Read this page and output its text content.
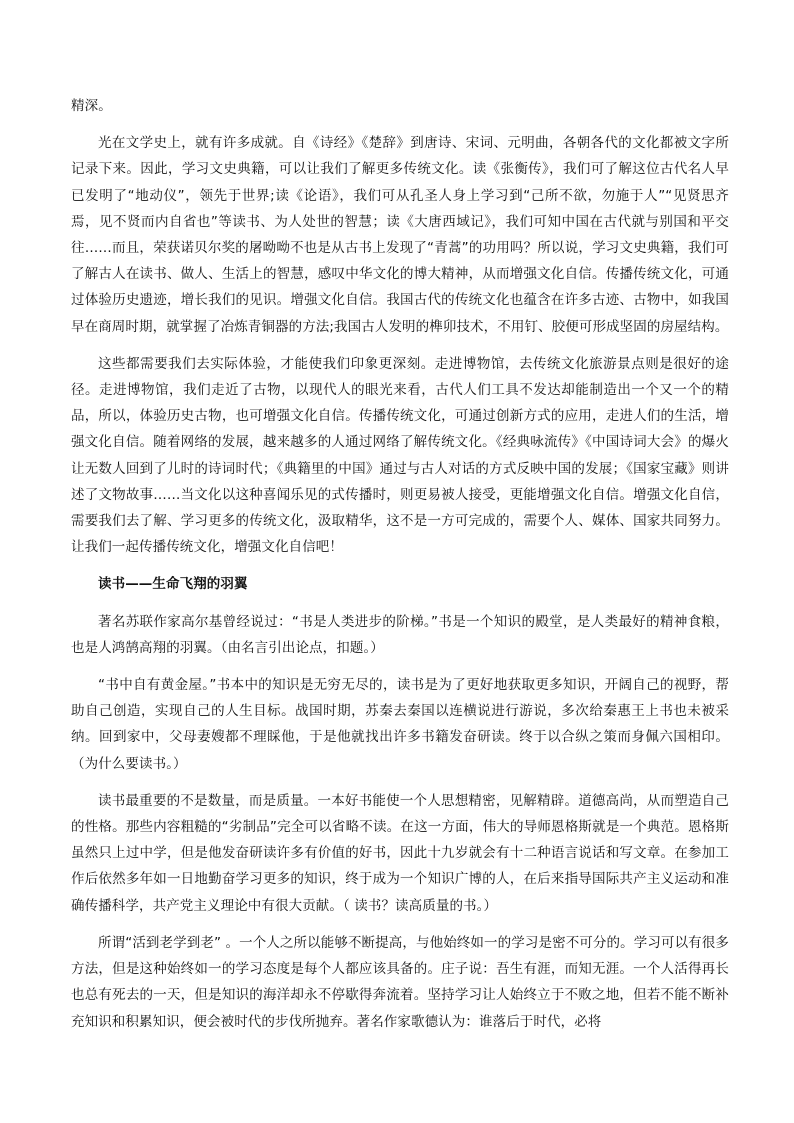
精深。

光在文学史上，就有许多成就。自《诗经》《楚辞》到唐诗、宋词、元明曲，各朝各代的文化都被文字所记录下来。因此，学习文史典籍，可以让我们了解更多传统文化。读《张衡传》，我们可了解这位古代名人早已发明了“地动仪”，领先于世界;读《论语》，我们可从孔圣人身上学习到“己所不欲，勿施于人”“见贤思齐焉，见不贤而内自省也”等读书、为人处世的智慧；读《大唐西域记》，我们可知中国在古代就与别国和平交往……而且，荣获诺贝尔奖的屠呦呦不也是从古书上发现了“青蒿”的功用吗？所以说，学习文史典籍，我们可了解古人在读书、做人、生活上的智慧，感叹中华文化的博大精神，从而增强文化自信。传播传统文化，可通过体验历史遗迹，增长我们的见识。增强文化自信。我国古代的传统文化也蕴含在许多古迹、古物中，如我国早在商周时期，就掌握了冶炼青铜器的方法;我国古人发明的榫卯技术，不用钉、胶便可形成坚固的房屋结构。

这些都需要我们去实际体验，才能使我们印象更深刻。走进博物馆，去传统文化旅游景点则是很好的途径。走进博物馆，我们走近了古物，以现代人的眼光来看，古代人们工具不发达却能制造出一个又一个的精品，所以，体验历史古物，也可增强文化自信。传播传统文化，可通过创新方式的应用，走进人们的生活，增强文化自信。随着网络的发展，越来越多的人通过网络了解传统文化。《经典咏流传》《中国诗词大会》的爆火让无数人回到了儿时的诗词时代；《典籍里的中国》通过与古人对话的方式反映中国的发展；《国家宝藏》则讲述了文物故事……当文化以这种喜闻乐见的式传播时，则更易被人接受，更能增强文化自信。增强文化自信，需要我们去了解、学习更多的传统文化，汲取精华，这不是一方可完成的，需要个人、媒体、国家共同努力。让我们一起传播传统文化，增强文化自信吧！

读书——生命飞翔的羽翼

著名苏联作家高尔基曾经说过：“书是人类进步的阶梯。”书是一个知识的殿堂，是人类最好的精神食粮，也是人鸿鹄高翔的羽翼。（由名言引出论点，扣题。）

“书中自有黄金屋。”书本中的知识是无穷无尽的，读书是为了更好地获取更多知识，开阔自己的视野，帮助自己创造，实现自己的人生目标。战国时期，苏秦去秦国以连横说进行游说，多次给秦惠王上书也未被采纳。回到家中，父母妻嫂都不理睬他，于是他就找出许多书籍发奋研读。终于以合纵之策而身佩六国相印。（为什么要读书。）

读书最重要的不是数量，而是质量。一本好书能使一个人思想精密，见解精辟。道德高尚，从而塑造自己的性格。那些内容粗糙的“劣制品”完全可以省略不读。在这一方面，伟大的导师恩格斯就是一个典范。恩格斯虽然只上过中学，但是他发奋研读许多有价值的好书，因此十九岁就会有十二种语言说话和写文章。在参加工作后依然多年如一日地勤奋学习更多的知识，终于成为一个知识广博的人，在后来指导国际共产主义运动和准确传播科学，共产党主义理论中有很大贡献。（ 读书？读高质量的书。）

所谓“活到老学到老” 。一个人之所以能够不断提高，与他始终如一的学习是密不可分的。学习可以有很多方法，但是这种始终如一的学习态度是每个人都应该具备的。庄子说：吾生有涯，而知无涯。一个人活得再长也总有死去的一天，但是知识的海洋却永不停歇得奔流着。坚持学习让人始终立于不败之地，但若不能不断补充知识和积累知识，便会被时代的步伐所抛弃。著名作家歌德认为：谁落后于时代，必将
